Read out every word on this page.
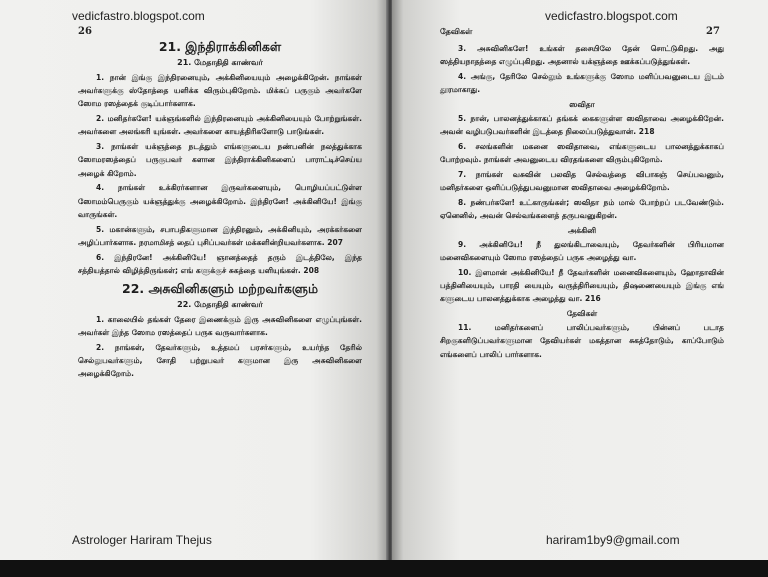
26
21. இந்திராக்கினிகள்
21. மேதாதிதி காண்வர்

1. நான் இங்கு இந்திரனையும், அக்கினியையும் அழைக்கிறேன். நாங்கள் அவர்களுக்கு ஸ்தோத்தை யளிக்க விரும்புகிறோம். மிக்கப் பருகும் அவர்களே ஸோம ரஸத்தைக் குடிப்பார்களாக.

2. மனிதர்களே! யக்ஞங்களில் இந்திரனையும் அக்கினியையும் போற்றுங்கள். அவர்களை அலங்கரி யுங்கள். அவர்களை காயத்திரிகளோடு பாடுங்கள்.

3. நாங்கள் யக்ஞத்தை நடத்தும் எங்களுடைய நண்பனின் நலத்துக்காக ஸோமரஸத்தைப் பருகுபவர் களான இந்திராக்கினிகளைப் பாராட்டிச்செய்ய அழைக் கிறோம்.

4. நாங்கள் உக்கிரர்களான இருவர்களையும், பொழியப்பட்டுள்ள ஸோமம்பெருகும் யக்ஞத்துக்கு அழைக்கிறோம். இந்திரனே! அக்கினியே! இங்கு வாருங்கள்.

5. மகான்களும், சபாபதிகளுமான இந்திரனும், அக்கினியும், அரக்கர்களை அழிப்பார்களாக. நரமாமிசத் தைப் புசிப்பவர்கள் மக்களின்றியவர்களாக. 207

6. இந்திரனே! அக்கினியே! ஞானத்தைத் தரும் இடத்திலே, இந்த சத்தியத்தால் விழித்திருங்கள்; எங் களுக்குச் சுகத்தை யளியுங்கள். 208

22. அசுவினிகளும் மற்றவர்களும்
22. மேதாதிதி காண்வர்

1. காலையில் தங்கள் தேரை இணைக்கும் இரு அசுவினிகளை எழுப்புங்கள். அவர்கள் இந்த ஸோம ரஸத்தைப் பருக வருவார்களாக.

2. நாங்கள், தேவர்களும், உத்தமப் பரசர்களும், உயர்ந்த தேரில் செல்லுபவர்களும், சோதி பற்றுபவர் களுமான இரு அசுவினிகளை அழைக்கிறோம்.

தேவிகள்	27

3. அசுவினிகளே! உங்கள் தசையிலே தேன் சொட்டுகிறது. அது ஸத்தியநாதத்தை எழுப்புகிறது. அதனால் யக்ஞத்தை ஊக்கப்படுத்துங்கள்.

4. அங்கு, தேரிலே செல்லும் உங்களுக்கு ஸோம மளிப்பவனுடைய இடம் தூரமாகாது.

ஸவிதா

5. நான், பாலனத்துக்காகப் தங்கக் கைகளுள்ள ஸவிதாவை அழைக்கிறேன். அவன் வழிபடுபவர்களின் இடத்தை நிலைப்படுத்துவான். 218

6. சலங்களின் மகனை ஸவிதாவை, எங்களுடைய பாலனத்துக்காகப் போற்றவும். நாங்கள் அவனுடைய விரதங்களை விரும்புகிறோம்.

7. நாங்கள் வசுவின் பலவித செல்வத்தை விபாகஞ் செய்பவனும், மனிதர்களை ஒளிப்படுத்துபவனுமான ஸவிதாவை அழைக்கிறோம்.

8. நண்பர்களே! உட்காருங்கள்; ஸவிதா நம் மால் போற்றப் படவேண்டும். ஏனெனில், அவன் செல்வங்களைத் தருபவனுகிறன்.

அக்கினி

9. அக்கினியே! நீ துலங்கிடாவையும், தேவர்களின் பிரியமான மனைவிகளையும் ஸோம ரஸத்தைப் பருக அழைத்து வா.

10. இளமான் அக்கினியே! நீ தேவர்களின் மனைவிகளையும், ஹோதாவின் பத்தினியையும், பாரதி யையும், வருத்திரியையும், திஷணையையும் இங்கு எங் களுடைய பாலனத்துக்காக அழைத்து வா. 216

தேவிகள்

11. மனிதர்களைப் பாலிப்பவர்களும், பின்னப் படாத சிறகுகளிடுப்பவர்களுமான தேவியர்கள் மகத்தான சுகத்தோடும், காப்போடும் எங்களைப் பாலிப் பார்களாக.

vedicfastro.blogspot.com	vedicfastro.blogspot.com
Astrologer Hariram Thejus	hariram1by9@gmail.com
